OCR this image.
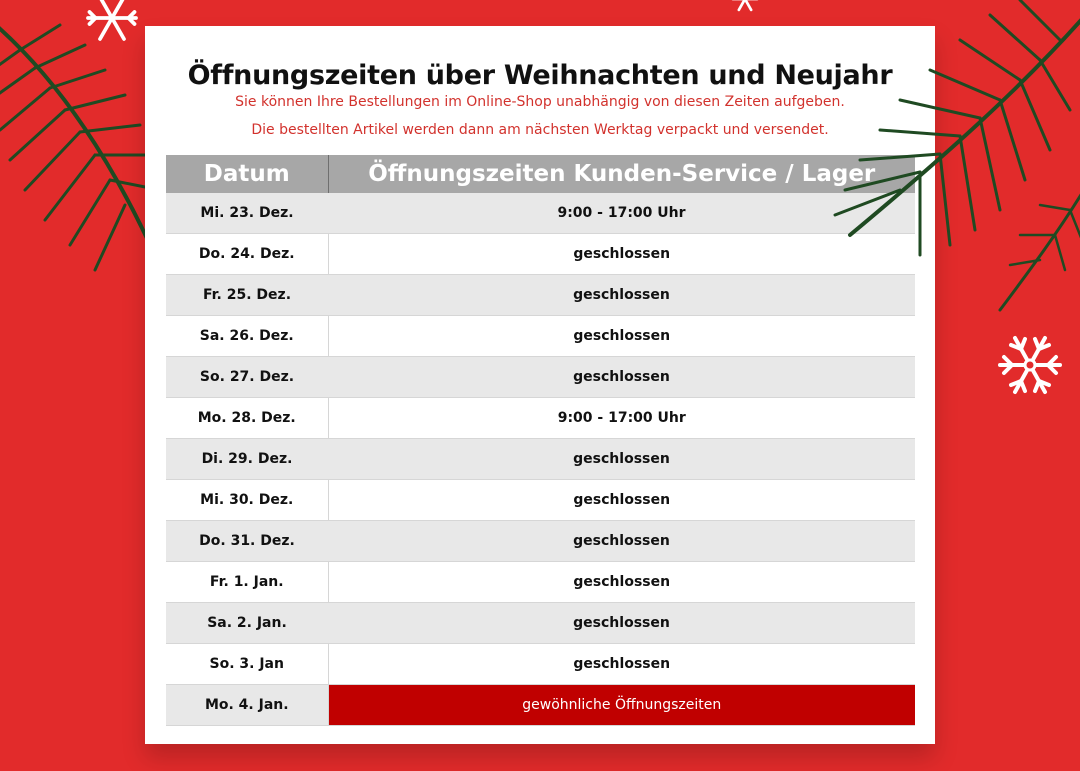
Öffnungszeiten über Weihnachten und Neujahr
Sie können Ihre Bestellungen im Online-Shop unabhängig von diesen Zeiten aufgeben.
Die bestellten Artikel werden dann am nächsten Werktag verpackt und versendet.
Datum	Öffnungszeiten Kunden-Service / Lager
Mi. 23. Dez.	9:00 - 17:00 Uhr
Do. 24. Dez.	geschlossen
Fr. 25. Dez.	geschlossen
Sa. 26. Dez.	geschlossen
So. 27. Dez.	geschlossen
Mo. 28. Dez.	9:00 - 17:00 Uhr
Di. 29. Dez.	geschlossen
Mi. 30. Dez.	geschlossen
Do. 31. Dez.	geschlossen
Fr. 1. Jan.	geschlossen
Sa. 2. Jan.	geschlossen
So. 3. Jan	geschlossen
Mo. 4. Jan.	gewöhnliche Öffnungszeiten
